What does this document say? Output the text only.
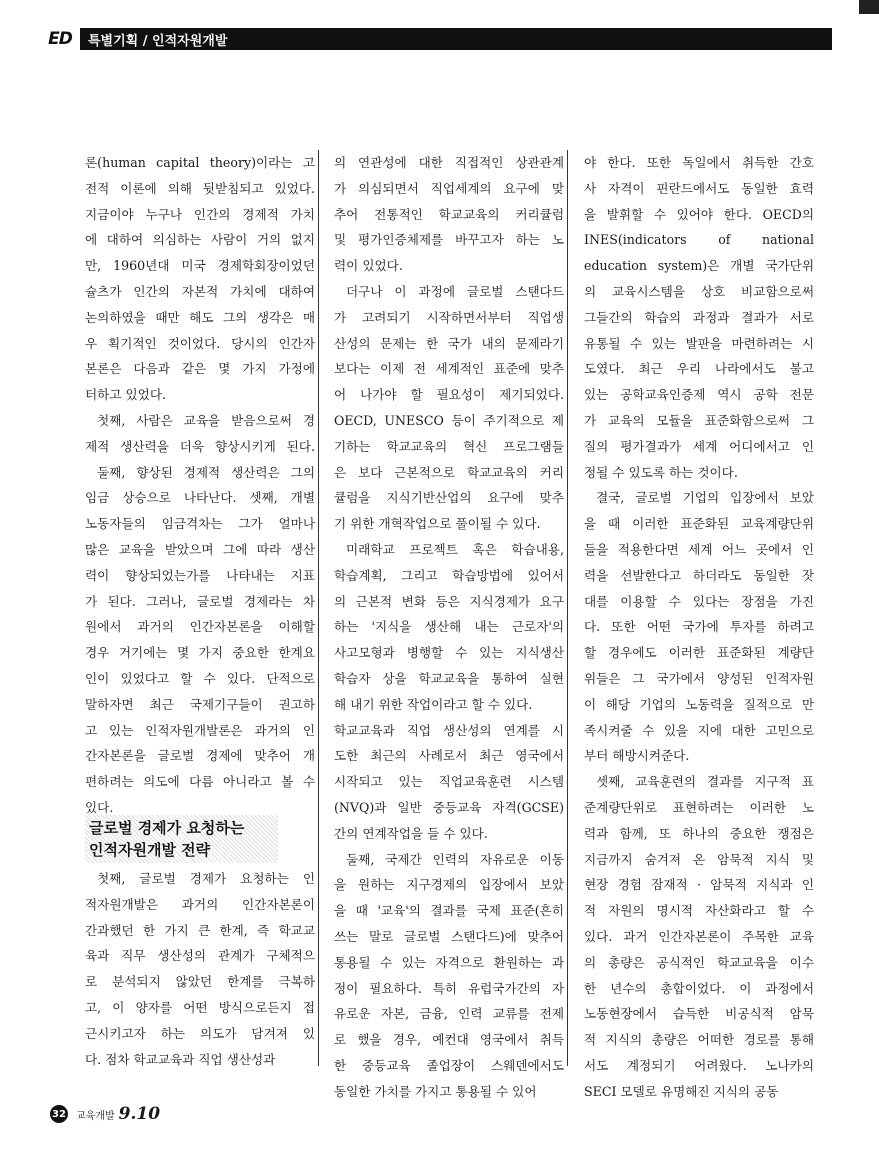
ED 특별기획 / 인적자원개발
론(human capital theory)이라는 고
전적 이론에 의해 뒷받침되고 있었다.
지금이야 누구나 인간의 경제적 가치
에 대하여 의심하는 사람이 거의 없지
만, 1960년대 미국 경제학회장이었던
슐츠가 인간의 자본적 가치에 대하여
논의하였을 때만 해도 그의 생각은 매
우 획기적인 것이었다. 당시의 인간자
본론은 다음과 같은 몇 가지 가정에
터하고 있었다.
첫째, 사람은 교육을 받음으로써 경
제적 생산력을 더욱 향상시키게 된다.
둘째, 향상된 경제적 생산력은 그의
임금 상승으로 나타난다. 셋째, 개별
노동자들의 임금격차는 그가 얼마나
많은 교육을 받았으며 그에 따라 생산
력이 향상되었는가를 나타내는 지표
가 된다. 그러나, 글로벌 경제라는 차
원에서 과거의 인간자본론을 이해할
경우 거기에는 몇 가지 중요한 한계요
인이 있었다고 할 수 있다. 단적으로
말하자면 최근 국제기구들이 권고하
고 있는 인적자원개발론은 과거의 인
간자본론을 글로벌 경제에 맞추어 개
편하려는 의도에 다름 아니라고 볼 수
있다.
글로벌 경제가 요청하는
인적자원개발 전략
첫째, 글로벌 경제가 요청하는 인
적자원개발은 과거의 인간자본론이
간과했던 한 가지 큰 한계, 즉 학교교
육과 직무 생산성의 관계가 구체적으
로 분석되지 않았던 한계를 극복하
고, 이 양자를 어떤 방식으로든지 접
근시키고자 하는 의도가 담겨져 있
다. 점차 학교교육과 직업 생산성과
의 연관성에 대한 직접적인 상관관계
가 의심되면서 직업세계의 요구에 맞
추어 전통적인 학교교육의 커리큘럼
및 평가인증체제를 바꾸고자 하는 노
력이 있었다.
더구나 이 과정에 글로벌 스탠다드
가 고려되기 시작하면서부터 직업생
산성의 문제는 한 국가 내의 문제라기
보다는 이제 전 세계적인 표준에 맞추
어 나가야 할 필요성이 제기되었다.
OECD, UNESCO 등이 주기적으로 제
기하는 학교교육의 혁신 프로그램들
은 보다 근본적으로 학교교육의 커리
큘럼을 지식기반산업의 요구에 맞추
기 위한 개혁작업으로 풀이될 수 있다.
미래학교 프로젝트 혹은 학습내용,
학습계획, 그리고 학습방법에 있어서
의 근본적 변화 등은 지식경제가 요구
하는 '지식을 생산해 내는 근로자'의
사고모형과 병행할 수 있는 지식생산
학습자 상을 학교교육을 통하여 실현
해 내기 위한 작업이라고 할 수 있다.
학교교육과 직업 생산성의 연계를 시
도한 최근의 사례로서 최근 영국에서
시작되고 있는 직업교육훈련 시스템
(NVQ)과 일반 중등교육 자격(GCSE)
간의 연계작업을 들 수 있다.
둘째, 국제간 인력의 자유로운 이동
을 원하는 지구경제의 입장에서 보았
을 때 '교육'의 결과를 국제 표준(흔히
쓰는 말로 글로벌 스탠다드)에 맞추어
통용될 수 있는 자격으로 환원하는 과
정이 필요하다. 특히 유럽국가간의 자
유로운 자본, 금융, 인력 교류를 전제
로 했을 경우, 예컨대 영국에서 취득
한 중등교육 졸업장이 스웨덴에서도
동일한 가치를 가지고 통용될 수 있어
야 한다. 또한 독일에서 취득한 간호
사 자격이 핀란드에서도 동일한 효력
을 발휘할 수 있어야 한다. OECD의
INES(indicators of national
education system)은 개별 국가단위
의 교육시스템을 상호 비교함으로써
그들간의 학습의 과정과 결과가 서로
유통될 수 있는 발판을 마련하려는 시
도였다. 최근 우리 나라에서도 불고
있는 공학교육인증제 역시 공학 전문
가 교육의 모듈을 표준화함으로써 그
질의 평가결과가 세계 어디에서고 인
정될 수 있도록 하는 것이다.
결국, 글로벌 기업의 입장에서 보았
을 때 이러한 표준화된 교육계량단위
들을 적용한다면 세계 어느 곳에서 인
력을 선발한다고 하더라도 동일한 잣
대를 이용할 수 있다는 장점을 가진
다. 또한 어떤 국가에 투자를 하려고
할 경우에도 이러한 표준화된 계량단
위들은 그 국가에서 양성된 인적자원
이 해당 기업의 노동력을 질적으로 만
족시켜줄 수 있을 지에 대한 고민으로
부터 해방시켜준다.
셋째, 교육훈련의 결과를 지구적 표
준계량단위로 표현하려는 이러한 노
력과 함께, 또 하나의 중요한 쟁점은
지금까지 숨겨져 온 암묵적 지식 및
현장 경험 잠재적 · 암묵적 지식과 인
적 자원의 명시적 자산화라고 할 수
있다. 과거 인간자본론이 주목한 교육
의 총량은 공식적인 학교교육을 이수
한 년수의 총합이었다. 이 과정에서
노동현장에서 습득한 비공식적 암묵
적 지식의 총량은 어떠한 경로를 통해
서도 계정되기 어려웠다. 노나카의
SECI 모델로 유명해진 지식의 공동
32 교육개발 9.10
